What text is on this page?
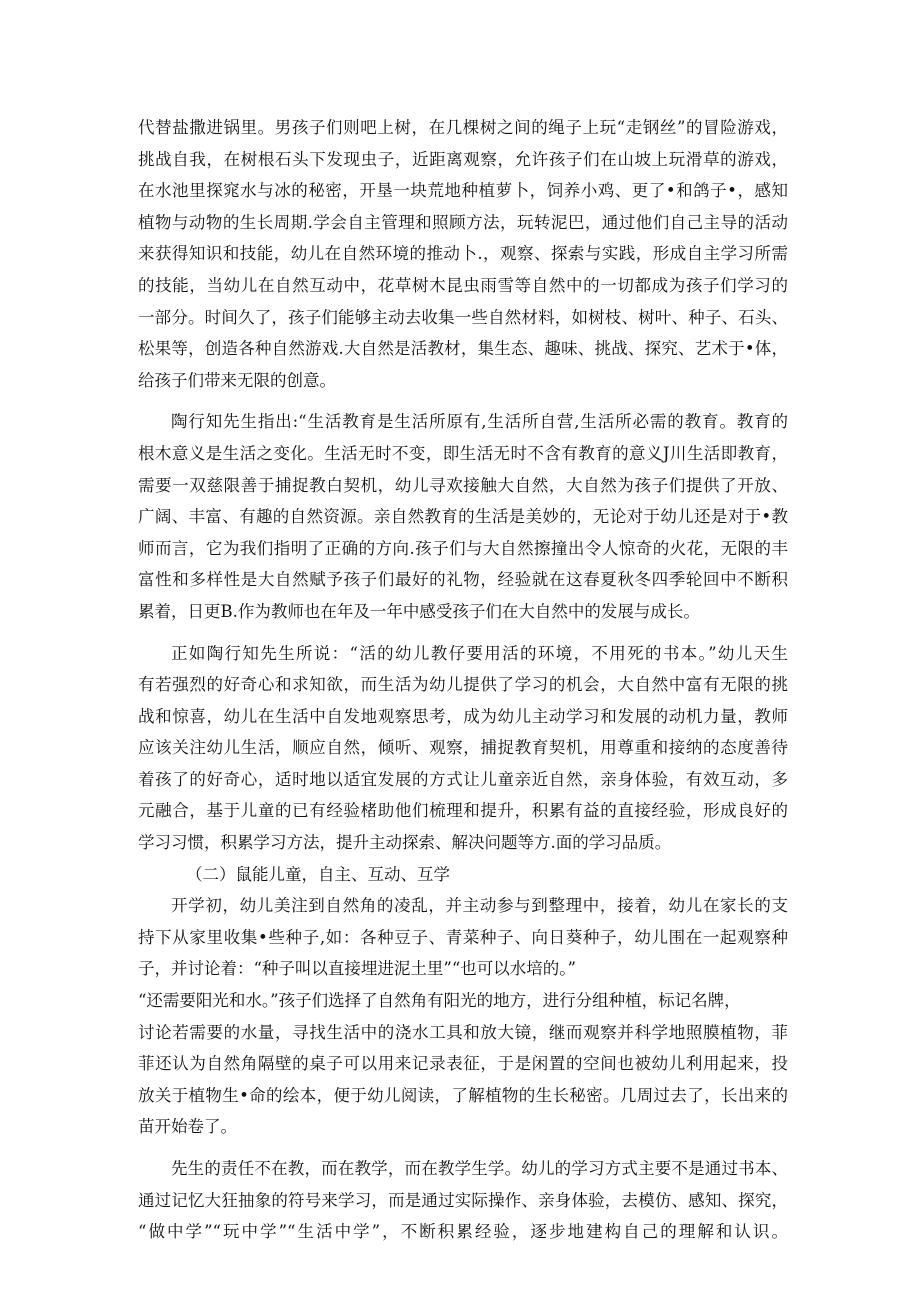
代替盐撒进锅里。男孩子们则吧上树，在几棵树之间的绳子上玩“走钢丝”的冒险游戏，
挑战自我，在树根石头下发现虫子，近距离观察，允许孩子们在山坡上玩滑草的游戏，
在水池里探窕水与冰的秘密，开垦一块荒地种植萝卜，饲养小鸡、更了•和鸽子•，感知
植物与动物的生长周期.学会自主管理和照顾方法，玩转泥巴，通过他们自己主导的活动
来获得知识和技能，幼儿在自然环境的推动卜.，观察、探索与实践，形成自主学习所需
的技能，当幼儿在自然互动中，花草树木昆虫雨雪等自然中的一切都成为孩子们学习的
一部分。时间久了，孩子们能够主动去收集一些自然材料，如树枝、树叶、种子、石头、
松果等，创造各种自然游戏.大自然是活教材，集生态、趣味、挑战、探究、艺术于•体，
给孩子们带来无限的创意。
陶行知先生指出:“生活教育是生活所原有,生活所自营,生活所必需的教育。教育的
根木意义是生活之变化。生活无时不变，即生活无时不含有教育的意义J川生活即教育，
需要一双慈限善于捕捉教白契机，幼儿寻欢接触大自然，大自然为孩子们提供了开放、
广阔、丰富、有趣的自然资源。亲自然教育的生活是美妙的，无论对于幼儿还是对于•教
师而言，它为我们指明了正确的方向.孩子们与大自然擦撞出令人惊奇的火花，无限的丰
富性和多样性是大自然赋予孩子们最好的礼物，经验就在这春夏秋冬四季轮回中不断积
累着，日更B.作为教师也在年及一年中感受孩子们在大自然中的发展与成长。
正如陶行知先生所说：“活的幼儿教仔要用活的环境，不用死的书本。”幼儿天生
有若强烈的好奇心和求知欲，而生活为幼儿提供了学习的机会，大自然中富有无限的挑
战和惊喜，幼儿在生活中自发地观察思考，成为幼儿主动学习和发展的动机力量，教师
应该关注幼儿生活，顺应自然，倾听、观察，捕捉教育契机，用尊重和接纳的态度善待
着孩了的好奇心，适时地以适宜发展的方式让儿童亲近自然，亲身体验，有效互动，多
元融合，基于儿童的已有经验楮助他们梳理和提升，积累有益的直接经验，形成良好的
学习习惯，积累学习方法，提升主动探索、解决问题等方.面的学习品质。
（二）鼠能儿童，自主、互动、互学
开学初，幼儿美注到自然角的凌乱，并主动参与到整理中，接着，幼儿在家长的支
持下从家里收集•些种子,如：各种豆子、青菜种子、向日葵种子，幼儿围在一起观察种
子，并讨论着：“种子叫以直接埋进泥土里”“也可以水培的。”
“还需要阳光和水。”孩子们选择了自然角有阳光的地方，进行分组种植，标记名牌，
讨论若需要的水量，寻找生活中的浇水工具和放大镜，继而观察并科学地照膜植物，菲
菲还认为自然角隔壁的桌子可以用来记录表征，于是闲置的空间也被幼儿利用起来，投
放关于植物生•命的绘本，便于幼儿阅读，了解植物的生长秘密。几周过去了，长出来的
苗开始卷了。
先生的责任不在教，而在教学，而在教学生学。幼儿的学习方式主要不是通过书本、
通过记忆大狂抽象的符号来学习，而是通过实际操作、亲身体验，去模仿、感知、探究，
“做中学”“玩中学”“生活中学”，不断积累经验，逐步地建构自己的理解和认识。
